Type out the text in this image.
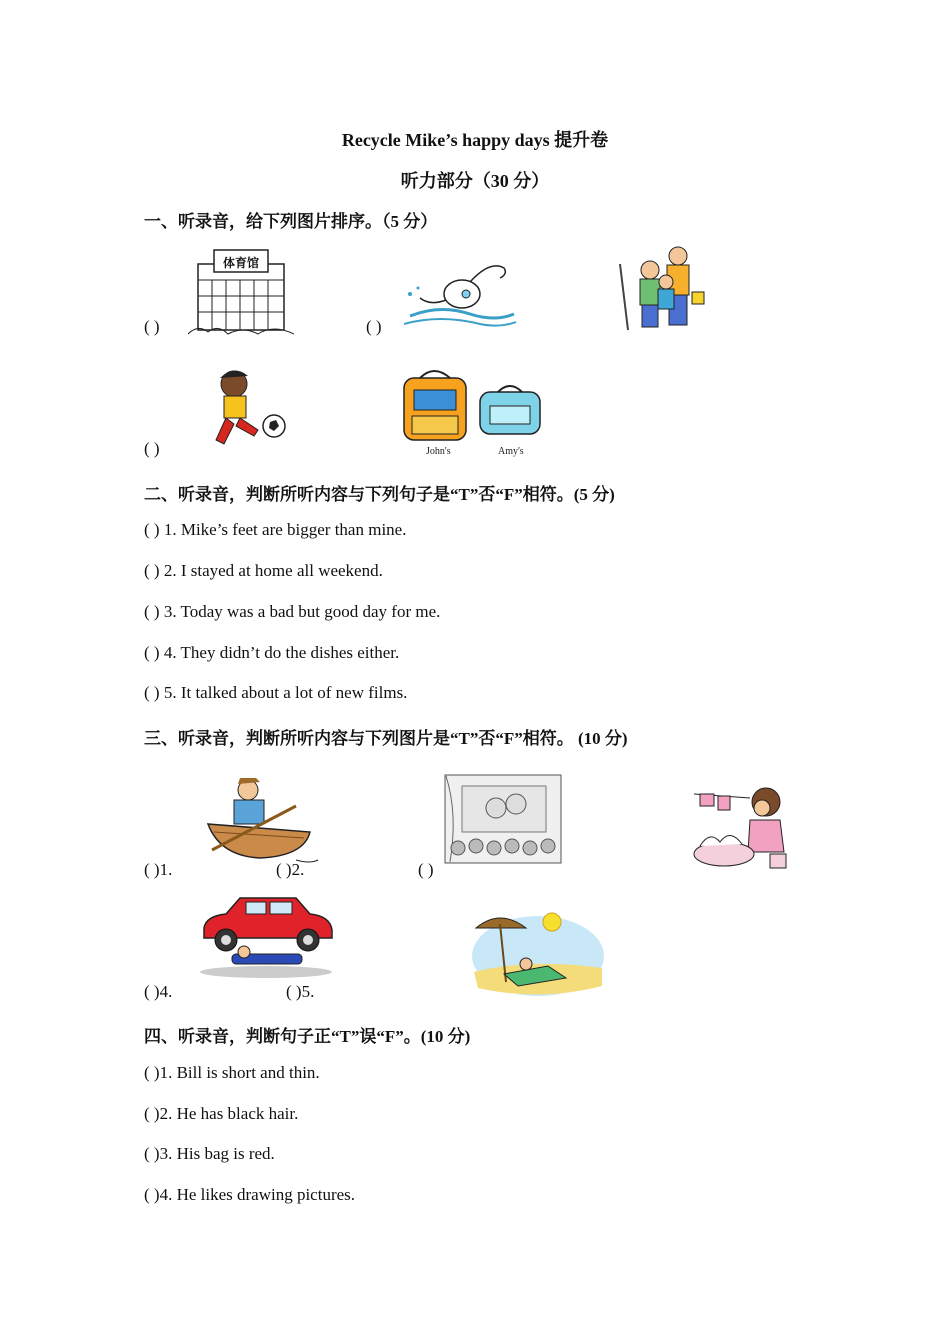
Recycle Mike’s happy days 提升卷
听力部分（30 分）
一、听录音，给下列图片排序。（5 分）
体育馆
( )	( )
John's	Amy's
( )
二、听录音，判断所听内容与下列句子是“T”否“F”相符。(5 分)
( ) 1. Mike’s feet are bigger than mine.
( ) 2. I stayed at home all weekend.
( ) 3. Today was a bad but good day for me.
( ) 4. They didn’t do the dishes either.
( ) 5. It talked about a lot of new films.
三、听录音，判断所听内容与下列图片是“T”否“F”相符。 (10 分)
( )1.	( )2.	( )
( )4.	( )5.
四、听录音，判断句子正“T”误“F”。(10 分)
( )1. Bill is short and thin.
( )2. He has black hair.
( )3. His bag is red.
( )4. He likes drawing pictures.
